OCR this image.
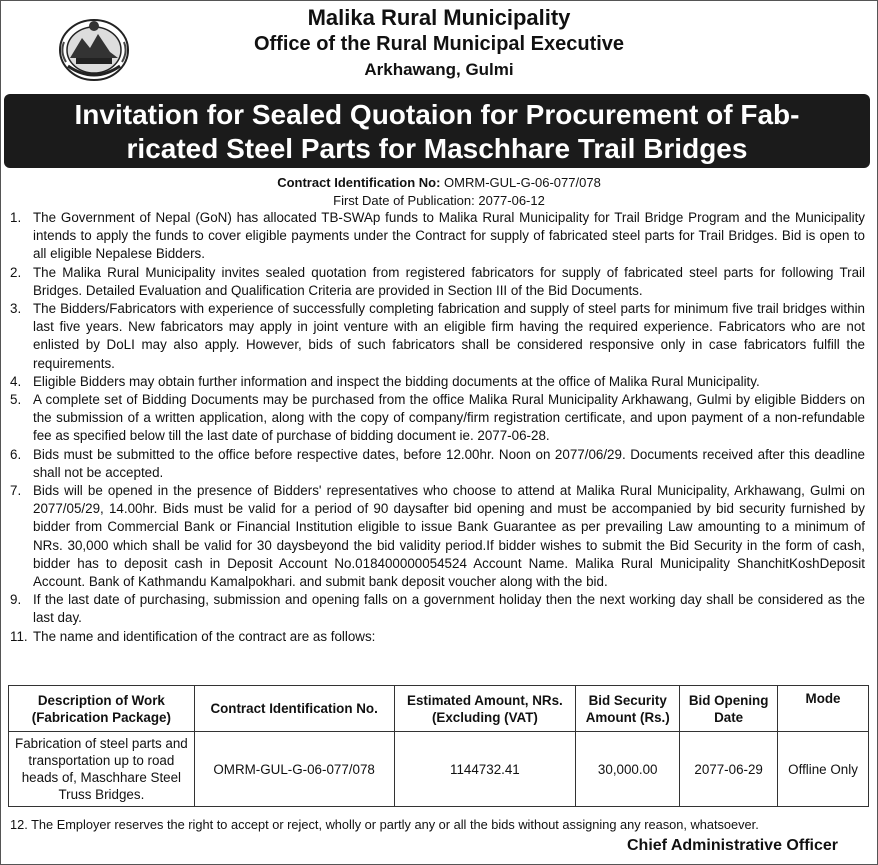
Malika Rural Municipality

Office of the Rural Municipal Executive

Arkhawang, Gulmi

Invitation for Sealed Quotaion for Procurement of Fab-
ricated Steel Parts for Maschhare Trail Bridges
Contract Identification No: OMRM-GUL-G-06-077/078
First Date of Publication: 2077-06-12
1. The Government of Nepal (GoN) has allocated TB-SWAp funds to Malika Rural Municipality for Trail Bridge Program and the Municipality intends to apply the funds to cover eligible payments under the Contract for supply of fabricated steel parts for Trail Bridges. Bid is open to all eligible Nepalese Bidders.
2. The Malika Rural Municipality invites sealed quotation from registered fabricators for supply of fabricated steel parts for following Trail Bridges. Detailed Evaluation and Qualification Criteria are provided in Section III of the Bid Documents.
3. The Bidders/Fabricators with experience of successfully completing fabrication and supply of steel parts for minimum five trail bridges within last five years. New fabricators may apply in joint venture with an eligible firm having the required experience. Fabricators who are not enlisted by DoLI may also apply. However, bids of such fabricators shall be considered responsive only in case fabricators fulfill the requirements.
4. Eligible Bidders may obtain further information and inspect the bidding documents at the office of Malika Rural Municipality.
5. A complete set of Bidding Documents may be purchased from the office Malika Rural Municipality Arkhawang, Gulmi by eligible Bidders on the submission of a written application, along with the copy of company/firm registration certificate, and upon payment of a non-refundable fee as specified below till the last date of purchase of bidding document ie. 2077-06-28.
6. Bids must be submitted to the office before respective dates, before 12.00hr. Noon on 2077/06/29. Documents received after this deadline shall not be accepted.
7. Bids will be opened in the presence of Bidders' representatives who choose to attend at Malika Rural Municipality, Arkhawang, Gulmi on 2077/05/29, 14.00hr. Bids must be valid for a period of 90 daysafter bid opening and must be accompanied by bid security furnished by bidder from Commercial Bank or Financial Institution eligible to issue Bank Guarantee as per prevailing Law amounting to a minimum of NRs. 30,000 which shall be valid for 30 daysbeyond the bid validity period.If bidder wishes to submit the Bid Security in the form of cash, bidder has to deposit cash in Deposit Account No.018400000054524 Account Name. Malika Rural Municipality ShanchitKoshDeposit Account. Bank of Kathmandu Kamalpokhari. and submit bank deposit voucher along with the bid.
9. If the last date of purchasing, submission and opening falls on a government holiday then the next working day shall be considered as the last day.
11. The name and identification of the contract are as follows:
Description of Work (Fabrication Package)	Contract Identification No.	Estimated Amount, NRs. (Excluding (VAT)	Bid Security Amount (Rs.)	Bid Opening Date	Mode
Fabrication of steel parts and transportation up to road heads of, Maschhare Steel Truss Bridges.	OMRM-GUL-G-06-077/078	1144732.41	30,000.00	2077-06-29	Offline Only
12. The Employer reserves the right to accept or reject, wholly or partly any or all the bids without assigning any reason, whatsoever.
Chief Administrative Officer
